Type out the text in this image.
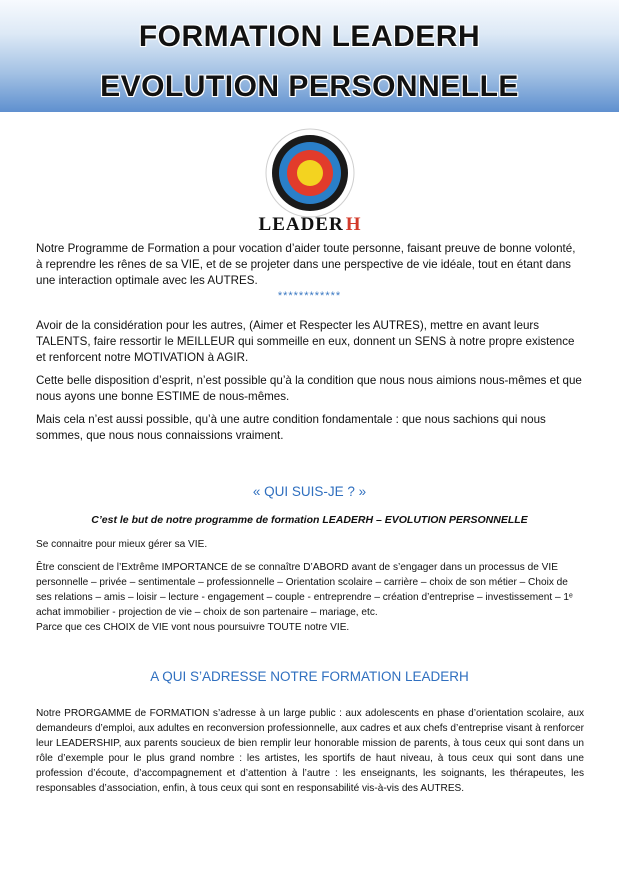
FORMATION LEADERH
EVOLUTION PERSONNELLE
LEADER H

Notre Programme de Formation a pour vocation d’aider toute personne, faisant preuve de bonne volonté, à reprendre les rênes de sa VIE, et de se projeter dans une perspective de vie idéale, tout en étant dans une interaction optimale avec les AUTRES.

************

Avoir de la considération pour les autres, (Aimer et Respecter les AUTRES), mettre en avant leurs TALENTS, faire ressortir le MEILLEUR qui sommeille en eux, donnent un SENS à notre propre existence et renforcent notre MOTIVATION à AGIR.

Cette belle disposition d’esprit, n’est possible qu’à la condition que nous nous aimions nous-mêmes et que nous ayons une bonne ESTIME de nous-mêmes.

Mais cela n’est aussi possible, qu’à une autre condition fondamentale : que nous sachions qui nous sommes, que nous nous connaissions vraiment.

« QUI SUIS-JE ? »
C’est le but de notre programme de formation LEADERH – EVOLUTION PERSONNELLE

Se connaitre pour mieux gérer sa VIE.

Être conscient de l’Extrême IMPORTANCE de se connaître D’ABORD avant de s’engager dans un processus de VIE personnelle – privée – sentimentale – professionnelle – Orientation scolaire – carrière – choix de son métier – Choix de ses relations – amis – loisir – lecture - engagement – couple - entreprendre – création d’entreprise – investissement – 1ᵉ achat immobilier - projection de vie – choix de son partenaire – mariage, etc.

Parce que ces CHOIX de VIE vont nous poursuivre TOUTE notre VIE.

A QUI S’ADRESSE NOTRE FORMATION LEADERH

Notre PRORGAMME de FORMATION s’adresse à un large public : aux adolescents en phase d’orientation scolaire, aux demandeurs d’emploi, aux adultes en reconversion professionnelle, aux cadres et aux chefs d’entreprise visant à renforcer leur LEADERSHIP, aux parents soucieux de bien remplir leur honorable mission de parents, à tous ceux qui sont dans un rôle d’exemple pour le plus grand nombre : les artistes, les sportifs de haut niveau, à tous ceux qui sont dans une profession d’écoute, d’accompagnement et d’attention à l’autre : les enseignants, les soignants, les thérapeutes, les responsables d’association, enfin, à tous ceux qui sont en responsabilité vis-à-vis des AUTRES.
